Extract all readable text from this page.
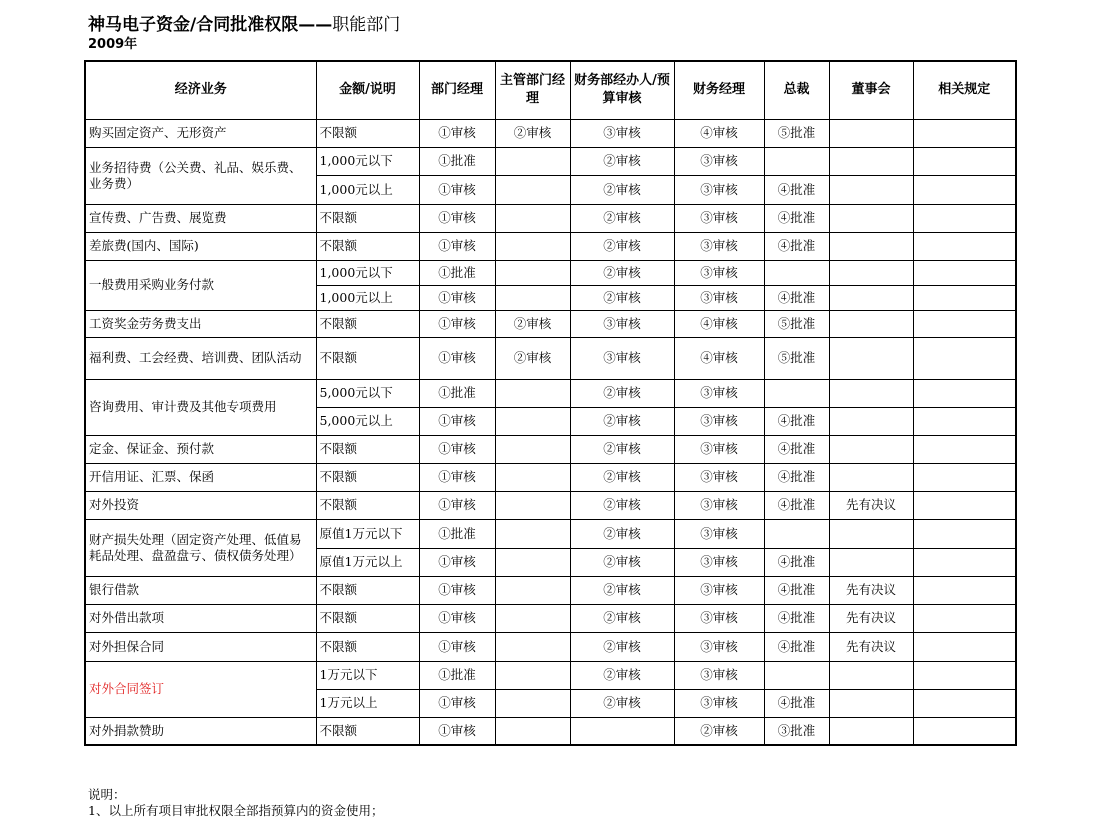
神马电子资金/合同批准权限——职能部门
2009年
经济业务	金额/说明	部门经理	主管部门经理	财务部经办人/预算审核	财务经理	总裁	董事会	相关规定
购买固定资产、无形资产	不限额	①审核	②审核	③审核	④审核	⑤批准		
业务招待费（公关费、礼品、娱乐费、业务费）	1,000元以下	①批准		②审核	③审核			
	1,000元以上	①审核		②审核	③审核	④批准		
宣传费、广告费、展览费	不限额	①审核		②审核	③审核	④批准		
差旅费(国内、国际)	不限额	①审核		②审核	③审核	④批准		
一般费用采购业务付款	1,000元以下	①批准		②审核	③审核			
	1,000元以上	①审核		②审核	③审核	④批准		
工资奖金劳务费支出	不限额	①审核	②审核	③审核	④审核	⑤批准		
福利费、工会经费、培训费、团队活动	不限额	①审核	②审核	③审核	④审核	⑤批准		
咨询费用、审计费及其他专项费用	5,000元以下	①批准		②审核	③审核			
	5,000元以上	①审核		②审核	③审核	④批准		
定金、保证金、预付款	不限额	①审核		②审核	③审核	④批准		
开信用证、汇票、保函	不限额	①审核		②审核	③审核	④批准		
对外投资	不限额	①审核		②审核	③审核	④批准	先有决议	
财产损失处理（固定资产处理、低值易耗品处理、盘盈盘亏、债权债务处理）	原值1万元以下	①批准		②审核	③审核			
	原值1万元以上	①审核		②审核	③审核	④批准		
银行借款	不限额	①审核		②审核	③审核	④批准	先有决议	
对外借出款项	不限额	①审核		②审核	③审核	④批准	先有决议	
对外担保合同	不限额	①审核		②审核	③审核	④批准	先有决议	
对外合同签订	1万元以下	①批准		②审核	③审核			
	1万元以上	①审核		②审核	③审核	④批准		
对外捐款赞助	不限额	①审核			②审核	③批准		
说明：
1、以上所有项目审批权限全部指预算内的资金使用；
